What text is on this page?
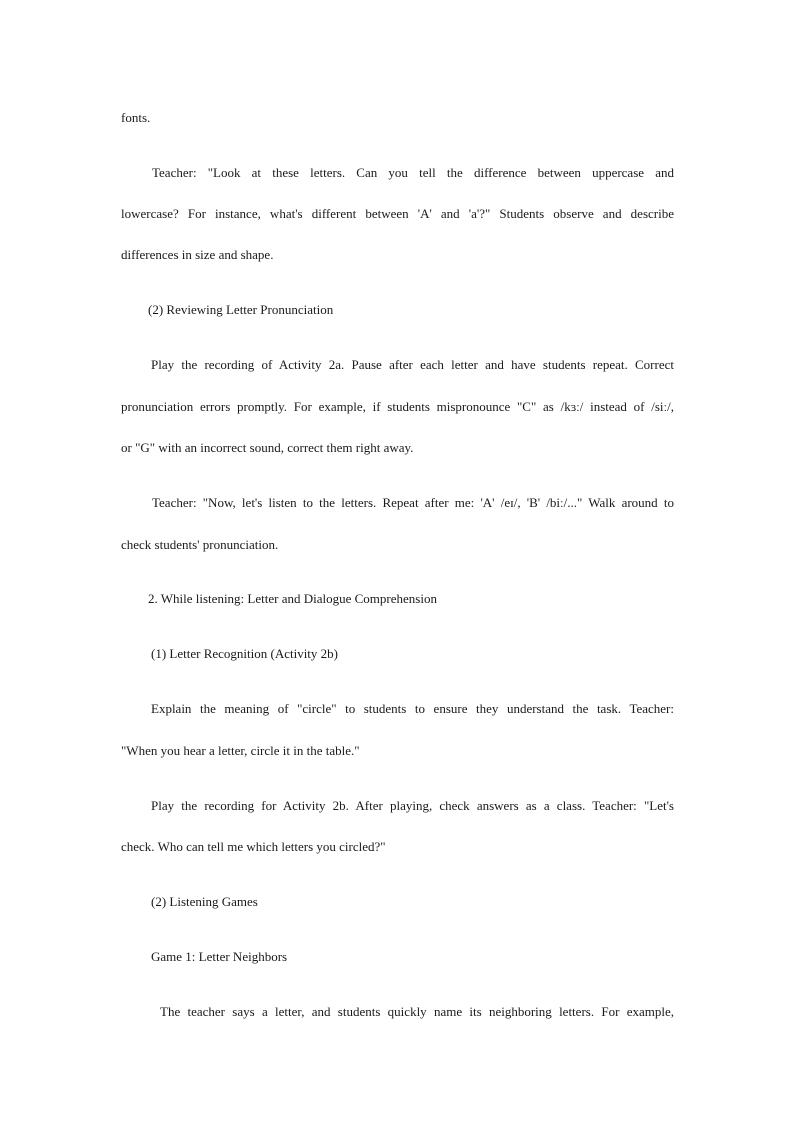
fonts.
Teacher: "Look at these letters. Can you tell the difference between uppercase and
lowercase? For instance, what's different between 'A' and 'a'?" Students observe and describe
differences in size and shape.
(2) Reviewing Letter Pronunciation
Play the recording of Activity 2a. Pause after each letter and have students repeat. Correct
pronunciation errors promptly. For example, if students mispronounce "C" as /kɜː/ instead of /siː/,
or "G" with an incorrect sound, correct them right away.
Teacher: "Now, let's listen to the letters. Repeat after me: 'A' /eɪ/, 'B' /biː/..." Walk around to
check students' pronunciation.
2. While listening: Letter and Dialogue Comprehension
(1) Letter Recognition (Activity 2b)
Explain the meaning of "circle" to students to ensure they understand the task. Teacher:
"When you hear a letter, circle it in the table."
Play the recording for Activity 2b. After playing, check answers as a class. Teacher: "Let's
check. Who can tell me which letters you circled?"
(2) Listening Games
Game 1: Letter Neighbors
The teacher says a letter, and students quickly name its neighboring letters. For example,
